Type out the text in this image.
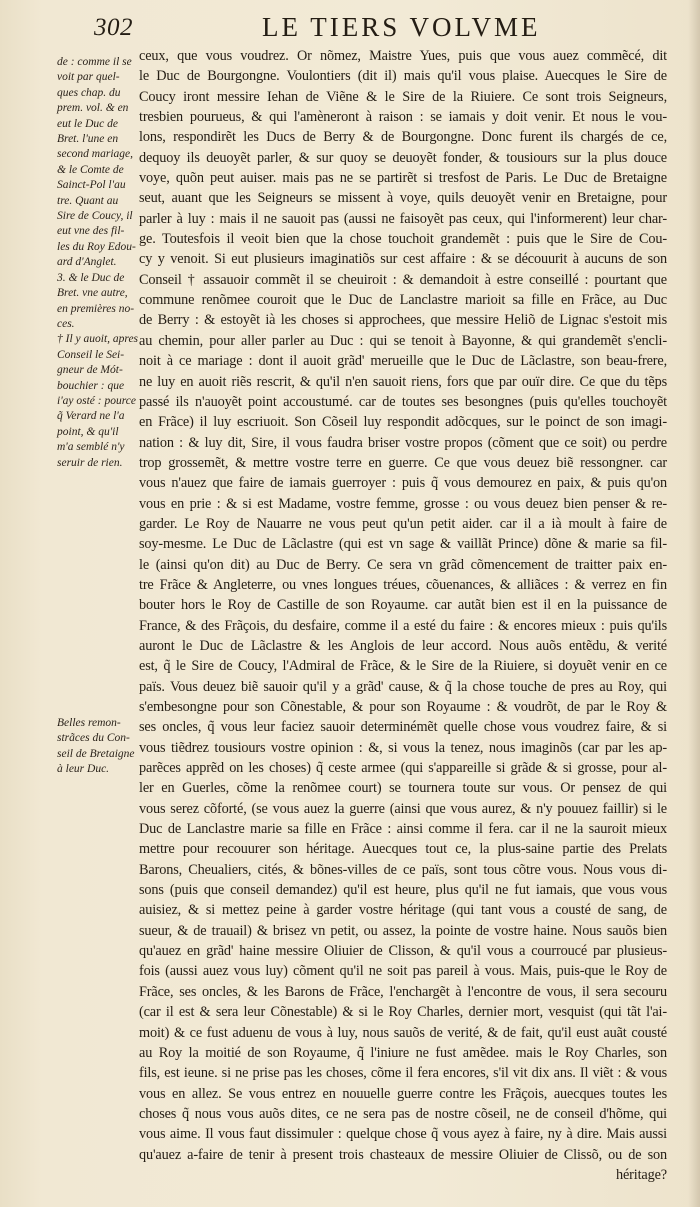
302	LE TIERS VOLVME
de : comme il se
voit par quel-
ques chap. du
prem. vol. & en
eut le Duc de
Bret. l'une en
second mariage,
& le Comte de
Sainct-Pol l'au
tre. Quant au
Sire de Coucy, il
eut vne des fil-
les du Roy Edou-
ard d'Anglet.
3. & le Duc de
Bret. vne autre,
en premières no-
ces.
† Il y auoit, apres
Conseil le Sei-
gneur de Mót-
bouchier : que
i'ay osté : pource
q̃ Verard ne l'a
point, & qu'il
m'a semblé n'y
seruir de rien.
Belles remon-
strãces du Con-
seil de Bretaigne
à leur Duc.
ceux, que vous voudrez. Or nõmez, Maistre Yues, puis que vous auez commẽcé, dit
le Duc de Bourgongne. Voulontiers (dit il) mais qu'il vous plaise. Auecques le Sire de
Coucy iront messire Iehan de Viẽne & le Sire de la Riuiere. Ce sont trois Seigneurs,
tresbien pourueus, & qui l'amèneront à raison : se iamais y doit venir. Et nous le vou-
lons, respondirẽt les Ducs de Berry & de Bourgongne. Donc furent ils chargés de ce,
dequoy ils deuoyẽt parler, & sur quoy se deuoyẽt fonder, & tousiours sur la plus douce
voye, quõn peut auiser. mais pas ne se partirẽt si tresfost de Paris. Le Duc de Bretaigne
seut, auant que les Seigneurs se missent à voye, quils deuoyẽt venir en Bretaigne, pour
parler à luy : mais il ne sauoit pas (aussi ne faisoyẽt pas ceux, qui l'informerent) leur char-
ge. Toutesfois il veoit bien que la chose touchoit grandemẽt : puis que le Sire de Cou-
cy y venoit. Si eut plusieurs imaginatiõs sur cest affaire : & se découurit à aucuns de son
Conseil † assauoir commẽt il se cheuiroit : & demandoit à estre conseillé : pourtant que
commune renõmee couroit que le Duc de Lanclastre marioit sa fille en Frãce, au Duc
de Berry : & estoyẽt ià les choses si approchees, que messire Heliõ de Lignac s'estoit mis
au chemin, pour aller parler au Duc : qui se tenoit à Bayonne, & qui grandemẽt s'encli-
noit à ce mariage : dont il auoit grãd' merueille que le Duc de Lãclastre, son beau-frere,
ne luy en auoit riẽs rescrit, & qu'il n'en sauoit riens, fors que par ouïr dire. Ce que du tẽps
passé ils n'auoyẽt point accoustumé. car de toutes ses besongnes (puis qu'elles touchoyẽt
en Frãce) il luy escriuoit. Son Cõseil luy respondit adõcques, sur le poinct de son imagi-
nation : & luy dit, Sire, il vous faudra briser vostre propos (cõment que ce soit) ou perdre
trop grossemẽt, & mettre vostre terre en guerre. Ce que vous deuez biẽ ressongner. car
vous n'auez que faire de iamais guerroyer : puis q̃ vous demourez en paix, & puis qu'on
vous en prie : & si est Madame, vostre femme, grosse : ou vous deuez bien penser & re-
garder. Le Roy de Nauarre ne vous peut qu'un petit aider. car il a ià moult à faire de
soy-mesme. Le Duc de Lãclastre (qui est vn sage & vaillãt Prince) dõne & marie sa fil-
le (ainsi qu'on dit) au Duc de Berry. Ce sera vn grãd cõmencement de traitter paix en-
tre Frãce & Angleterre, ou vnes longues tréues, cõuenances, & alliãces : & verrez en fin
bouter hors le Roy de Castille de son Royaume. car autãt bien est il en la puissance de
France, & des Frãçois, du desfaire, comme il a esté du faire : & encores mieux : puis qu'ils
auront le Duc de Lãclastre & les Anglois de leur accord. Nous auõs entẽdu, & verité
est, q̃ le Sire de Coucy, l'Admiral de Frãce, & le Sire de la Riuiere, si doyuẽt venir en ce
païs. Vous deuez biẽ sauoir qu'il y a grãd' cause, & q̃ la chose touche de pres au Roy, qui
s'embesongne pour son Cõnestable, & pour son Royaume : & voudrõt, de par le Roy &
ses oncles, q̃ vous leur faciez sauoir determinémẽt quelle chose vous voudrez faire, & si
vous tiẽdrez tousiours vostre opinion : &, si vous la tenez, nous imaginõs (car par les ap-
parẽces apprẽd on les choses) q̃ ceste armee (qui s'appareille si grãde & si grosse, pour al-
ler en Guerles, cõme la renõmee court) se tournera toute sur vous. Or pensez de qui
vous serez cõforté, (se vous auez la guerre (ainsi que vous aurez, & n'y pouuez faillir) si le
Duc de Lanclastre marie sa fille en Frãce : ainsi comme il fera. car il ne la sauroit mieux
mettre pour recouurer son héritage. Auecques tout ce, la plus-saine partie des Prelats
Barons, Cheualiers, cités, & bõnes-villes de ce païs, sont tous cõtre vous. Nous vous di-
sons (puis que conseil demandez) qu'il est heure, plus qu'il ne fut iamais, que vous vous
auisiez, & si mettez peine à garder vostre héritage (qui tant vous a cousté de sang, de
sueur, & de trauail) & brisez vn petit, ou assez, la pointe de vostre haine. Nous sauõs bien
qu'auez en grãd' haine messire Oliuier de Clisson, & qu'il vous a courroucé par plusieus-
fois (aussi auez vous luy) cõment qu'il ne soit pas pareil à vous. Mais, puis-que le Roy de
Frãce, ses oncles, & les Barons de Frãce, l'enchargẽt à l'encontre de vous, il sera secouru
(car il est & sera leur Cõnestable) & si le Roy Charles, dernier mort, vesquist (qui tãt l'ai-
moit) & ce fust aduenu de vous à luy, nous sauõs de verité, & de fait, qu'il eust auãt cousté
au Roy la moitié de son Royaume, q̃ l'iniure ne fust amẽdee. mais le Roy Charles, son
fils, est ieune. si ne prise pas les choses, cõme il fera encores, s'il vit dix ans. Il viẽt : & vous
vous en allez. Se vous entrez en nouuelle guerre contre les Frãçois, auecques toutes les
choses q̃ nous vous auõs dites, ce ne sera pas de nostre cõseil, ne de conseil d'hõme, qui
vous aime. Il vous faut dissimuler : quelque chose q̃ vous ayez à faire, ny à dire. Mais aussi
qu'auez a-faire de tenir à present trois chasteaux de messire Oliuier de Clissõ, ou de son
héritage?
